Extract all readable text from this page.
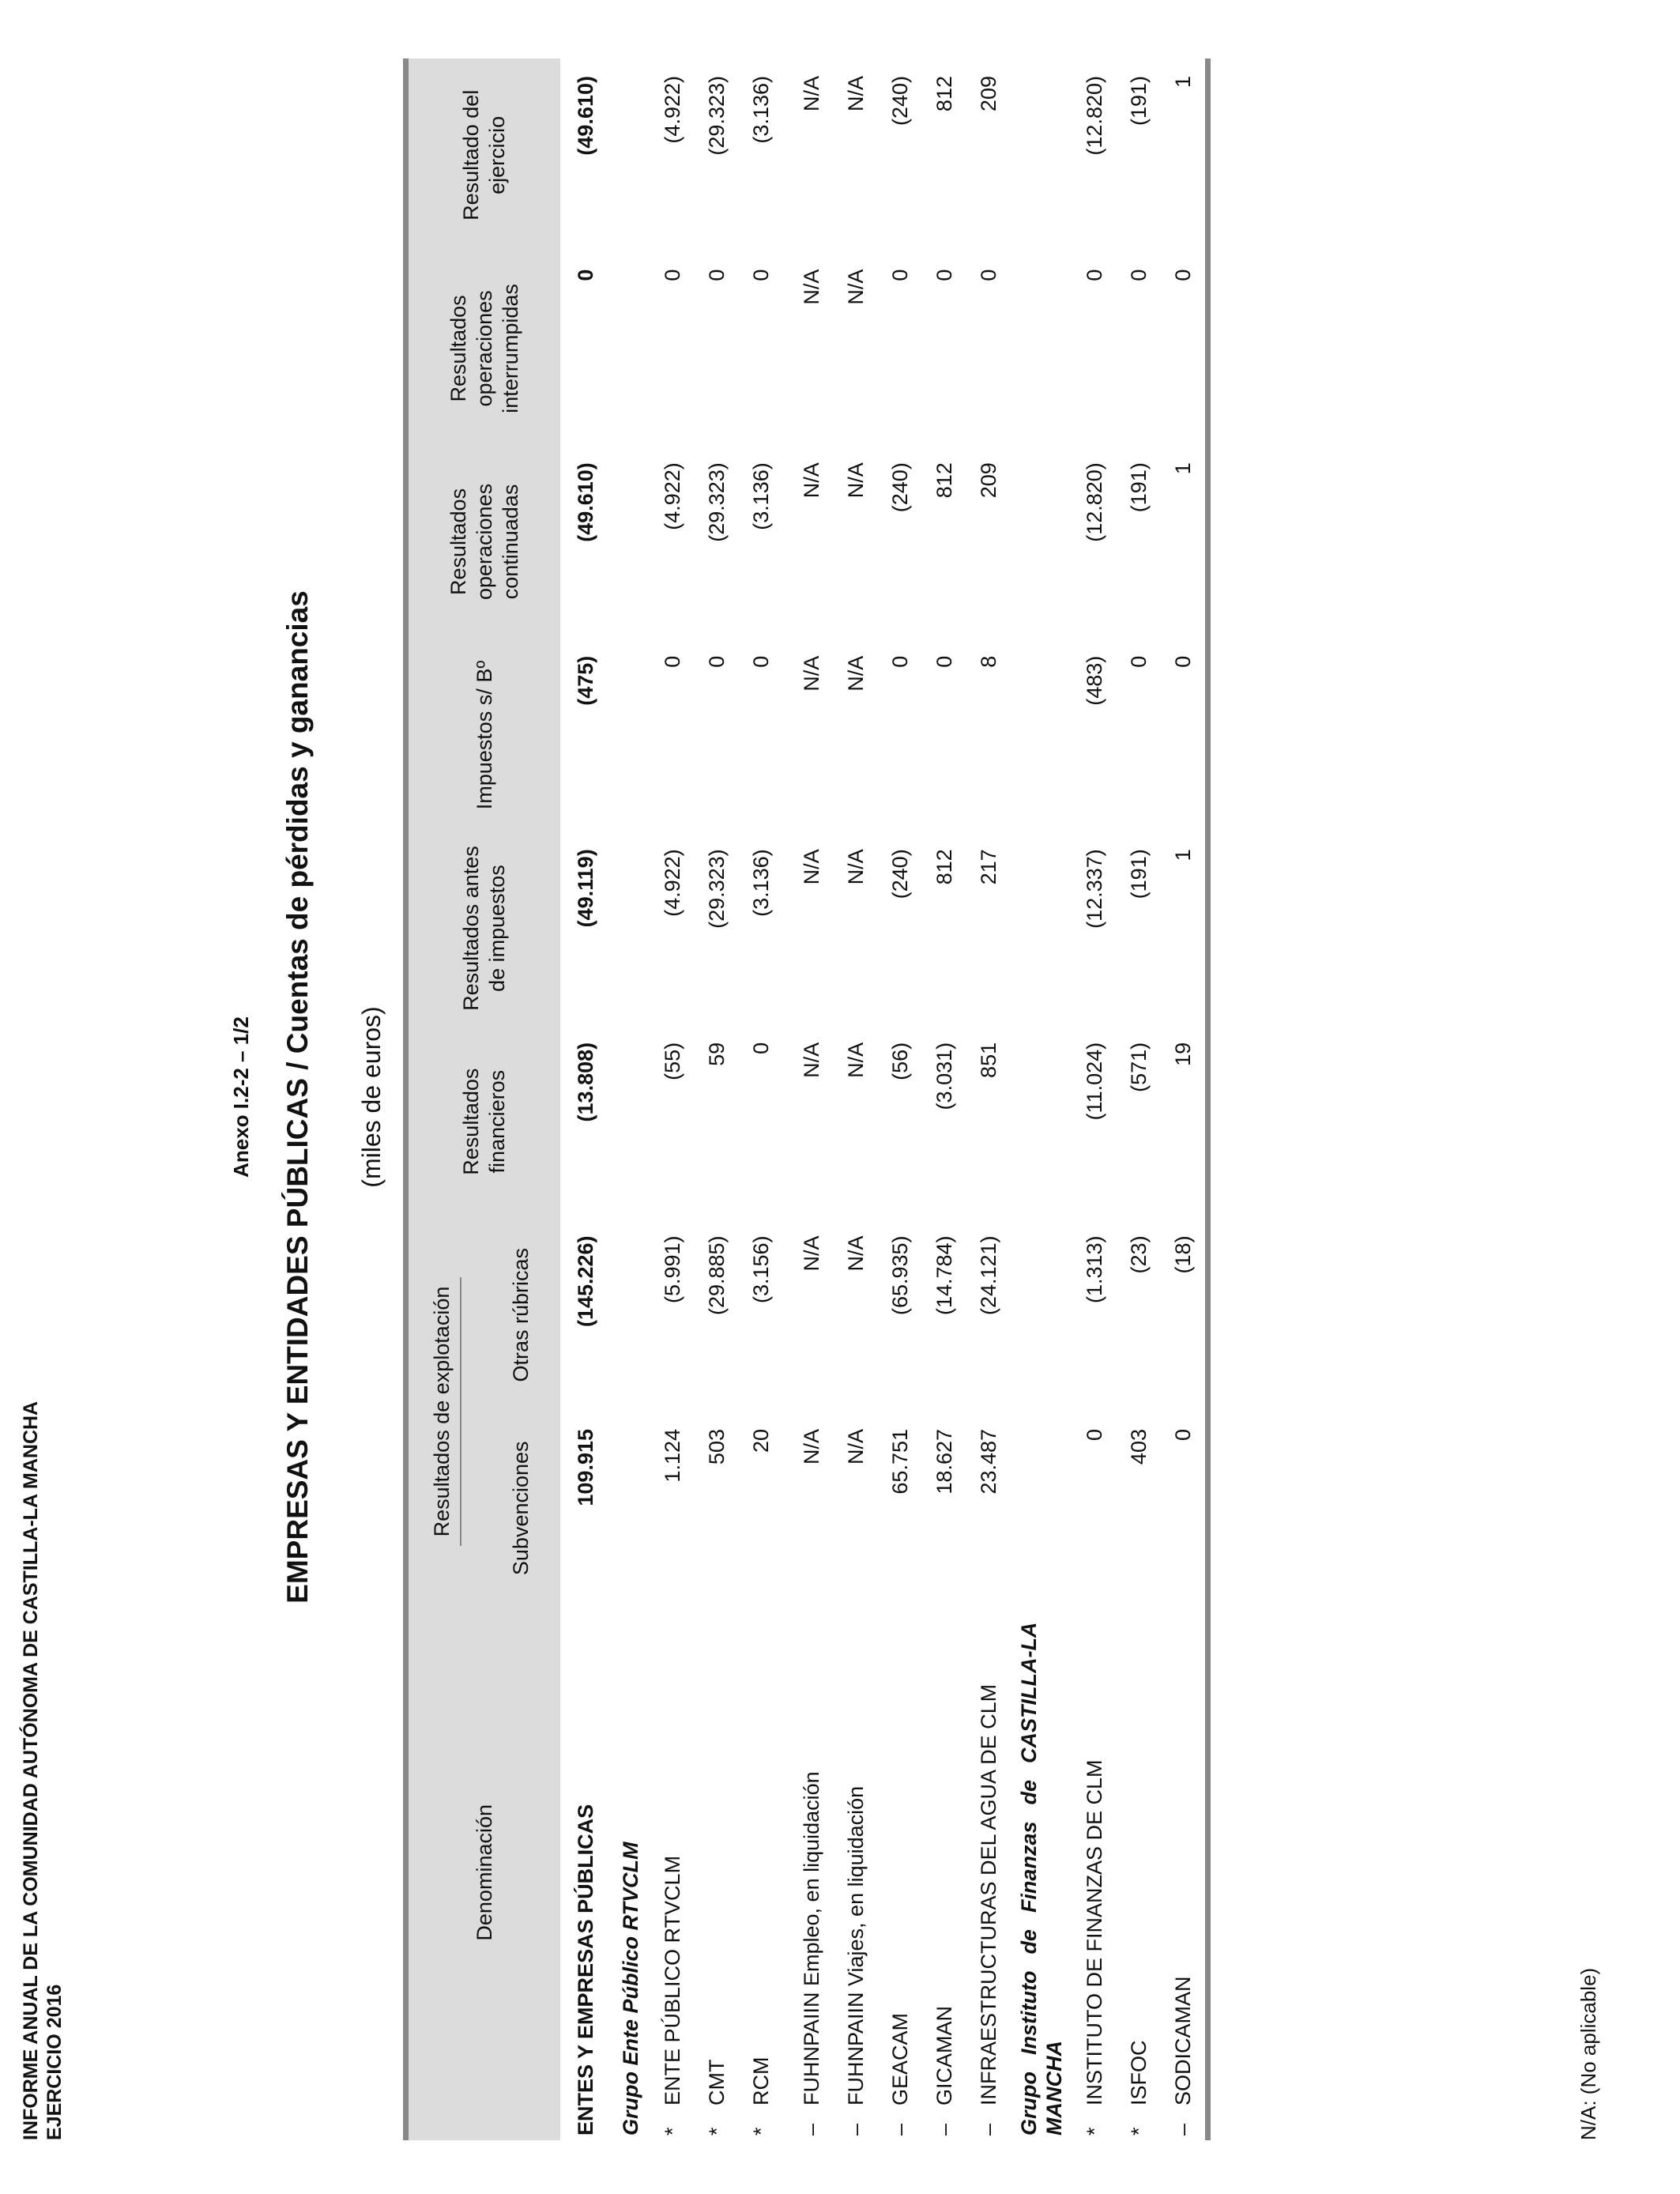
INFORME ANUAL DE LA COMUNIDAD AUTÓNOMA DE CASTILLA-LA MANCHA EJERCICIO 2016
Anexo I.2-2 – 1/2 EMPRESAS Y ENTIDADES PÚBLICAS / Cuentas de pérdidas y ganancias (miles de euros)
Denominación	Resultados de explotación		Resultados financieros	Resultados antes de impuestos	Impuestos s/ Bº	Resultados operaciones continuadas	Resultados operaciones interrumpidas	Resultado del ejercicio
	Subvenciones	Otras rúbricas						
ENTES Y EMPRESAS PÚBLICAS	109.915	(145.226)	(13.808)	(49.119)	(475)	(49.610)	0	(49.610)
Grupo Ente Público RTVCLM								
*ENTE PÚBLICO RTVCLM	1.124	(5.991)	(55)	(4.922)	0	(4.922)	0	(4.922)
*CMT	503	(29.885)	59	(29.323)	0	(29.323)	0	(29.323)
*RCM	20	(3.156)	0	(3.136)	0	(3.136)	0	(3.136)

–FUHNPAIIN Empleo, en liquidación	N/A	N/A	N/A	N/A	N/A	N/A	N/A	N/A
–FUHNPAIIN Viajes, en liquidación	N/A	N/A	N/A	N/A	N/A	N/A	N/A	N/A
–GEACAM	65.751	(65.935)	(56)	(240)	0	(240)	0	(240)
–GICAMAN	18.627	(14.784)	(3.031)	812	0	812	0	812
–INFRAESTRUCTURAS DEL AGUA DE CLM	23.487	(24.121)	851	217	8	209	0	209
Grupo Instituto de Finanzas de CASTILLA-LA MANCHA								
*INSTITUTO DE FINANZAS DE CLM	0	(1.313)	(11.024)	(12.337)	(483)	(12.820)	0	(12.820)
*ISFOC	403	(23)	(571)	(191)	0	(191)	0	(191)
–SODICAMAN	0	(18)	19	1	0	1	0	1
N/A: (No aplicable)
